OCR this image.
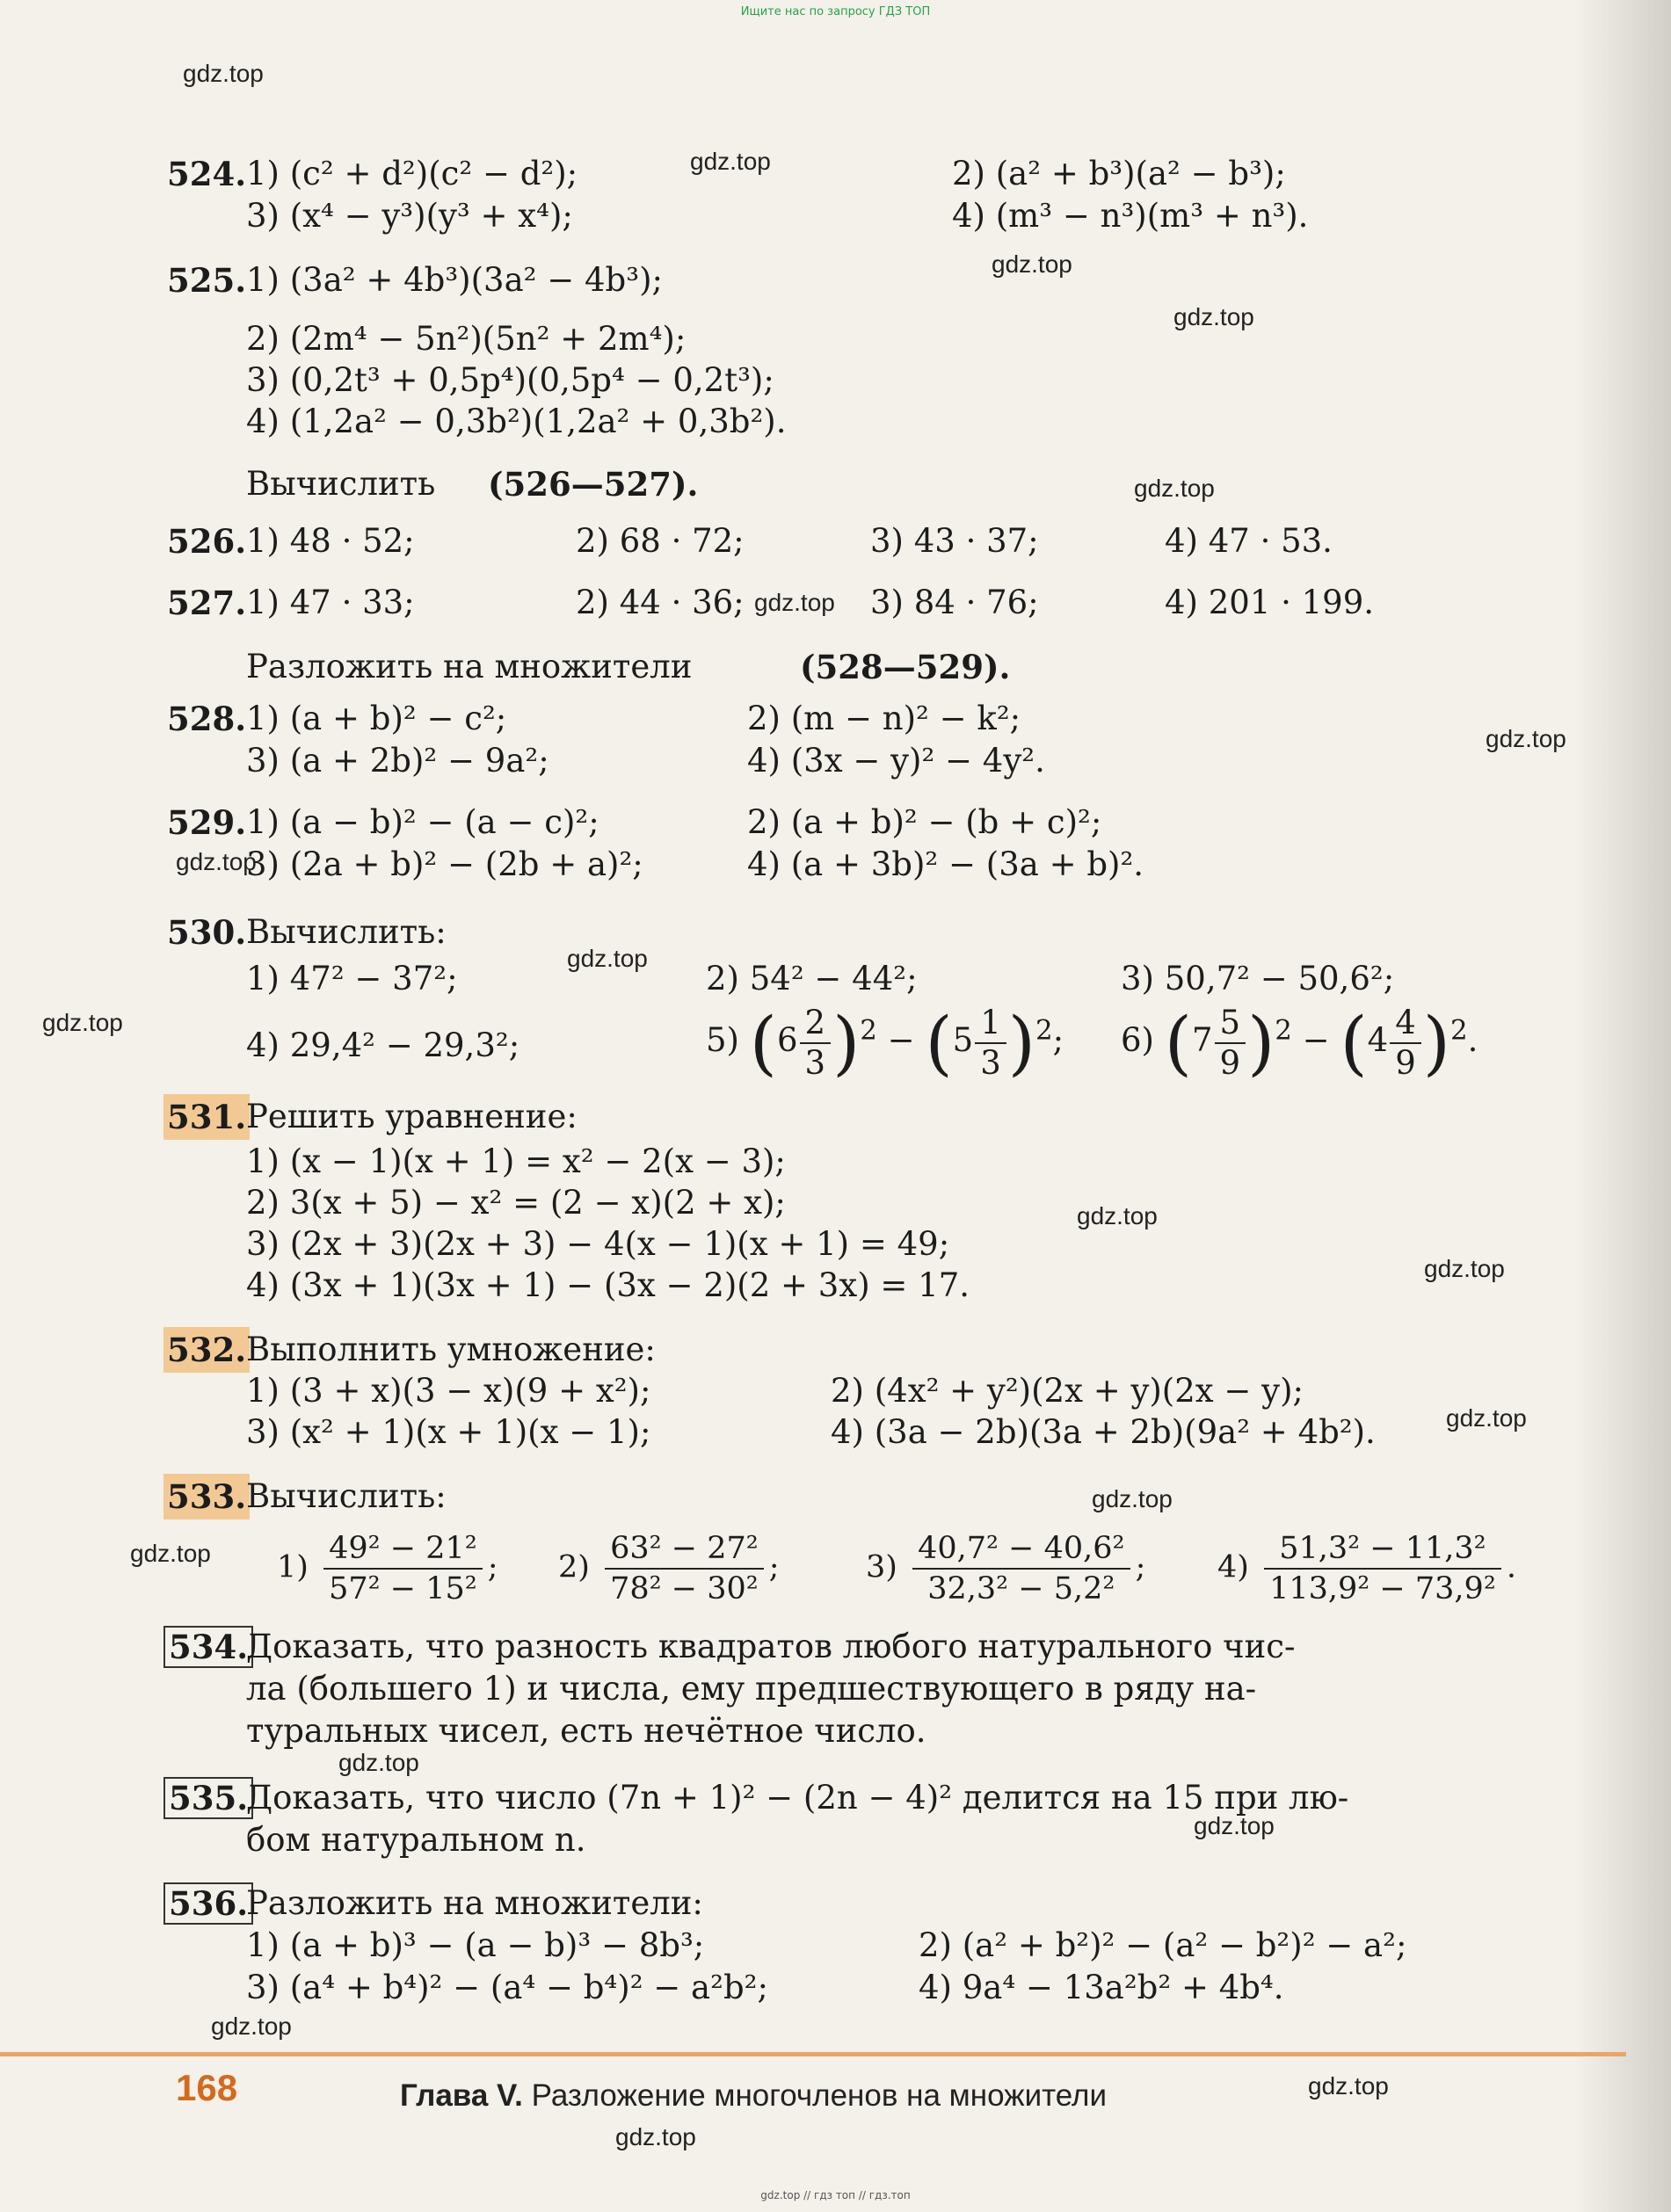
Ищите нас по запросу ГДЗ ТОП
gdz.top
gdz.top
gdz.top
gdz.top
gdz.top
gdz.top
gdz.top
gdz.top
gdz.top
gdz.top
gdz.top
gdz.top
gdz.top
gdz.top
gdz.top
gdz.top
gdz.top
gdz.top
gdz.top
gdz.top
524. 1) (c² + d²)(c² − d²);	2) (a² + b³)(a² − b³);
3) (x⁴ − y³)(y³ + x⁴);	4) (m³ − n³)(m³ + n³).
525. 1) (3a² + 4b³)(3a² − 4b³);
2) (2m⁴ − 5n²)(5n² + 2m⁴);
3) (0,2t³ + 0,5p⁴)(0,5p⁴ − 0,2t³);
4) (1,2a² − 0,3b²)(1,2a² + 0,3b²).
Вычислить (526—527).
526. 1) 48 · 52;	2) 68 · 72;	3) 43 · 37;	4) 47 · 53.
527. 1) 47 · 33;	2) 44 · 36;	3) 84 · 76;	4) 201 · 199.
Разложить на множители	(528—529).
528. 1) (a + b)² − c²;	2) (m − n)² − k²;
3) (a + 2b)² − 9a²;	4) (3x − y)² − 4y².
529. 1) (a − b)² − (a − c)²;	2) (a + b)² − (b + c)²;
3) (2a + b)² − (2b + a)²;	4) (a + 3b)² − (3a + b)².
530. Вычислить:
1) 47² − 37²;	2) 54² − 44²;	3) 50,7² − 50,6²;
4) 29,4² − 29,3²;	5) $(6 \frac{2}{3} )^2 - (5 \frac{1}{3} )^2$; 6) $(7 \frac{5}{9} )^2 - (4 \frac{4}{9} )^2$.
531. Решить уравнение:
1) (x − 1)(x + 1) = x² − 2(x − 3);
2) 3(x + 5) − x² = (2 − x)(2 + x);
3) (2x + 3)(2x + 3) − 4(x − 1)(x + 1) = 49;
4) (3x + 1)(3x + 1) − (3x − 2)(2 + 3x) = 17.
532. Выполнить умножение:
1) (3 + x)(3 − x)(9 + x²);	2) (4x² + y²)(2x + y)(2x − y);
3) (x² + 1)(x + 1)(x − 1);	4) (3a − 2b)(3a + 2b)(9a² + 4b²).
533. Вычислить:
$1) \frac{\text{49² − 21²}}{\text{57² − 15²}}$ ; $2) \frac{\text{63² − 27²}}{\text{78² − 30²}}$ ;	$3) \frac{\text{40,7² − 40,6²}}{\text{32,3² − 5,2²}}$ ; $4) \frac{\text{51,3² − 11,3²}}{\text{113,9² − 73,9²}}$ .
534.
Доказать, что разность квадратов любого натурального чис-
ла (большего 1) и числа, ему предшествующего в ряду на-
туральных чисел, есть нечётное число.
535.
Доказать, что число (7n + 1)² − (2n − 4)² делится на 15 при лю-
бом натуральном n.
536.
Разложить на множители:
1) (a + b)³ − (a − b)³ − 8b³;	2) (a² + b²)² − (a² − b²)² − a²;
3) (a⁴ + b⁴)² − (a⁴ − b⁴)² − a²b²;	4) 9a⁴ − 13a²b² + 4b⁴.
168	Глава V. Разложение многочленов на множители
gdz.top // гдз топ // гдз.топ
